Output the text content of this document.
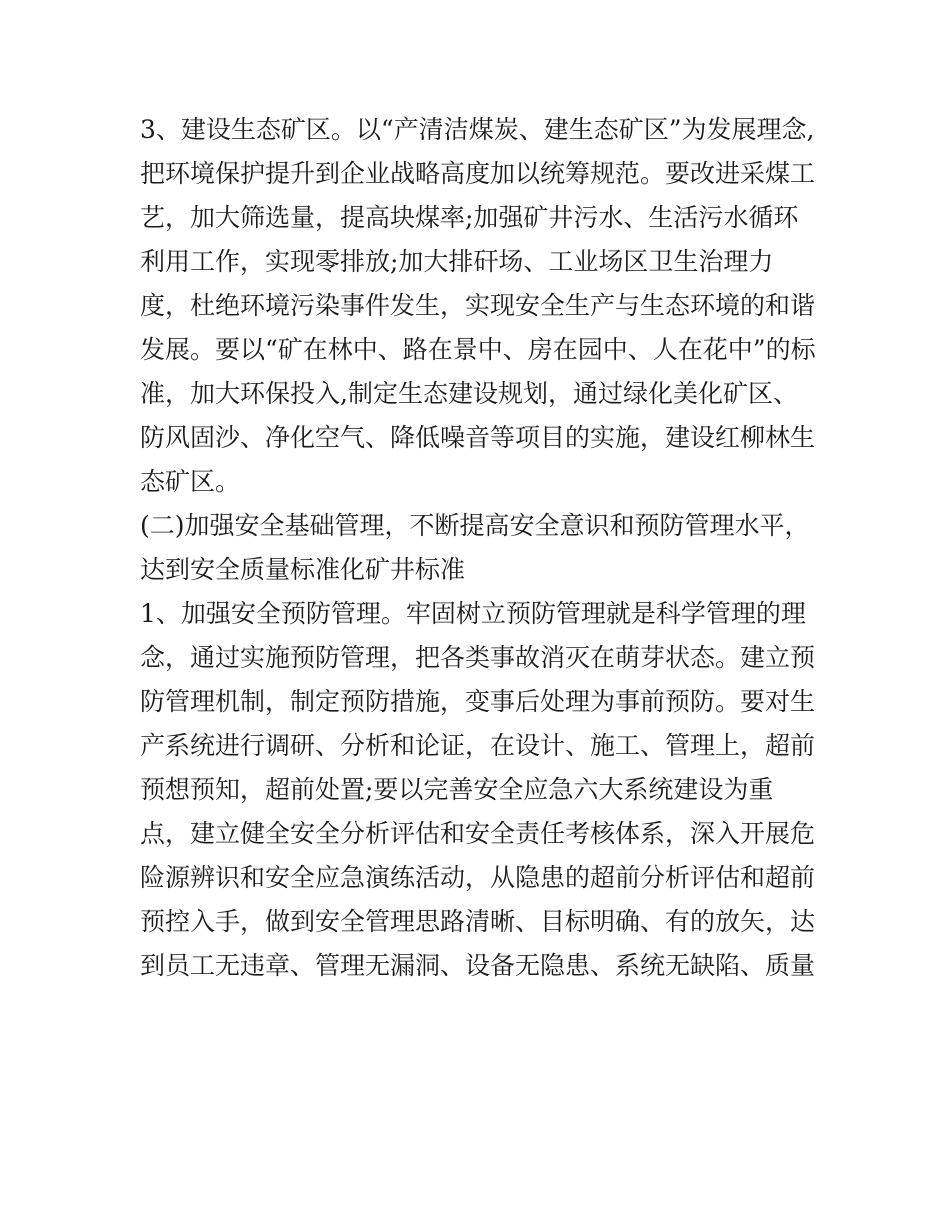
3、建设生态矿区。以“产清洁煤炭、建生态矿区”为发展理念,
把环境保护提升到企业战略高度加以统筹规范。要改进采煤工
艺，加大筛选量，提高块煤率;加强矿井污水、生活污水循环
利用工作，实现零排放;加大排矸场、工业场区卫生治理力
度，杜绝环境污染事件发生，实现安全生产与生态环境的和谐
发展。要以“矿在林中、路在景中、房在园中、人在花中”的标
准，加大环保投入,制定生态建设规划，通过绿化美化矿区、
防风固沙、净化空气、降低噪音等项目的实施，建设红柳林生
态矿区。
(二)加强安全基础管理，不断提高安全意识和预防管理水平，
达到安全质量标准化矿井标准
1、加强安全预防管理。牢固树立预防管理就是科学管理的理
念，通过实施预防管理，把各类事故消灭在萌芽状态。建立预
防管理机制，制定预防措施，变事后处理为事前预防。要对生
产系统进行调研、分析和论证，在设计、施工、管理上，超前
预想预知，超前处置;要以完善安全应急六大系统建设为重
点，建立健全安全分析评估和安全责任考核体系，深入开展危
险源辨识和安全应急演练活动，从隐患的超前分析评估和超前
预控入手，做到安全管理思路清晰、目标明确、有的放矢，达
到员工无违章、管理无漏洞、设备无隐患、系统无缺陷、质量
